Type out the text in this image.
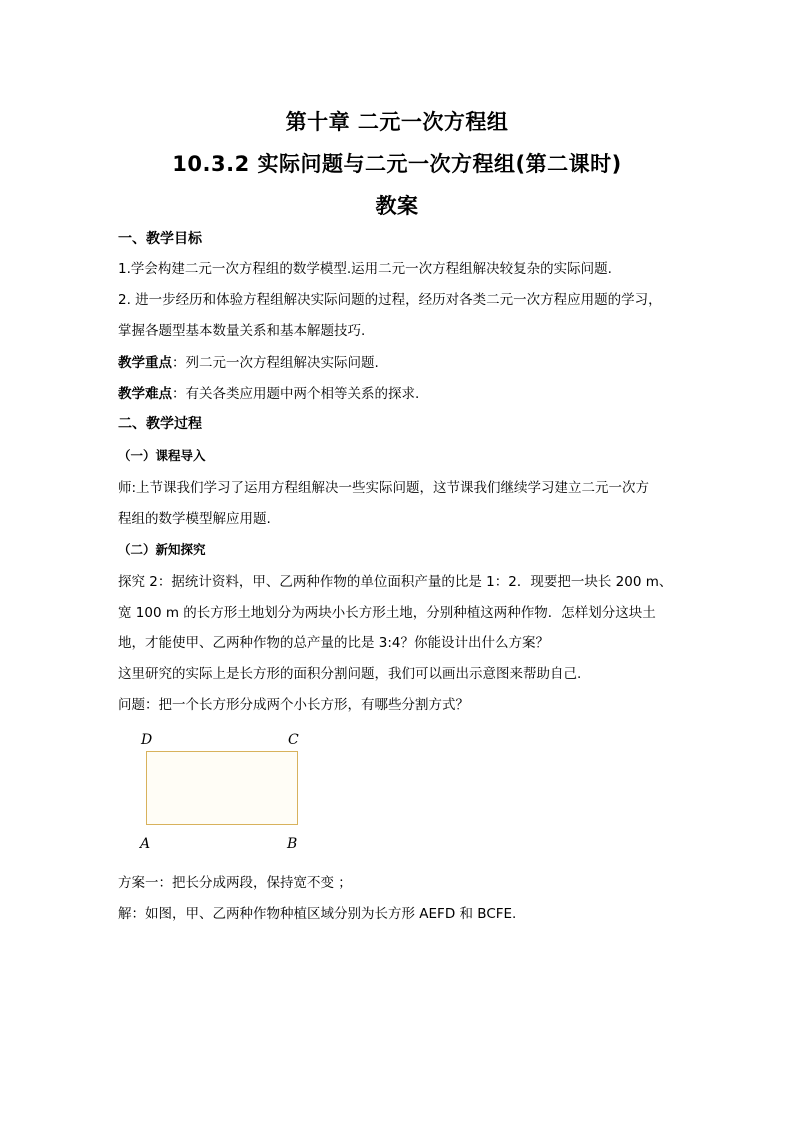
第十章 二元一次方程组
10.3.2 实际问题与二元一次方程组(第二课时)
教案
一、教学目标
1.学会构建二元一次方程组的数学模型.运用二元一次方程组解决较复杂的实际问题.
2. 进一步经历和体验方程组解决实际问题的过程，经历对各类二元一次方程应用题的学习，
掌握各题型基本数量关系和基本解题技巧.
教学重点：列二元一次方程组解决实际问题.
教学难点：有关各类应用题中两个相等关系的探求.
二、教学过程
（一）课程导入
师:上节课我们学习了运用方程组解决一些实际问题，这节课我们继续学习建立二元一次方
程组的数学模型解应用题.
（二）新知探究
探究 2：据统计资料，甲、乙两种作物的单位面积产量的比是 1：2．现要把一块长 200 m、
宽 100 m 的长方形土地划分为两块小长方形土地，分别种植这两种作物．怎样划分这块土
地，才能使甲、乙两种作物的总产量的比是 3:4？你能设计出什么方案？
这里研究的实际上是长方形的面积分割问题，我们可以画出示意图来帮助自己.
问题：把一个长方形分成两个小长方形，有哪些分割方式？
D	C
A	B
方案一：把长分成两段，保持宽不变 ；
解：如图，甲、乙两种作物种植区域分别为长方形 AEFD 和 BCFE.
